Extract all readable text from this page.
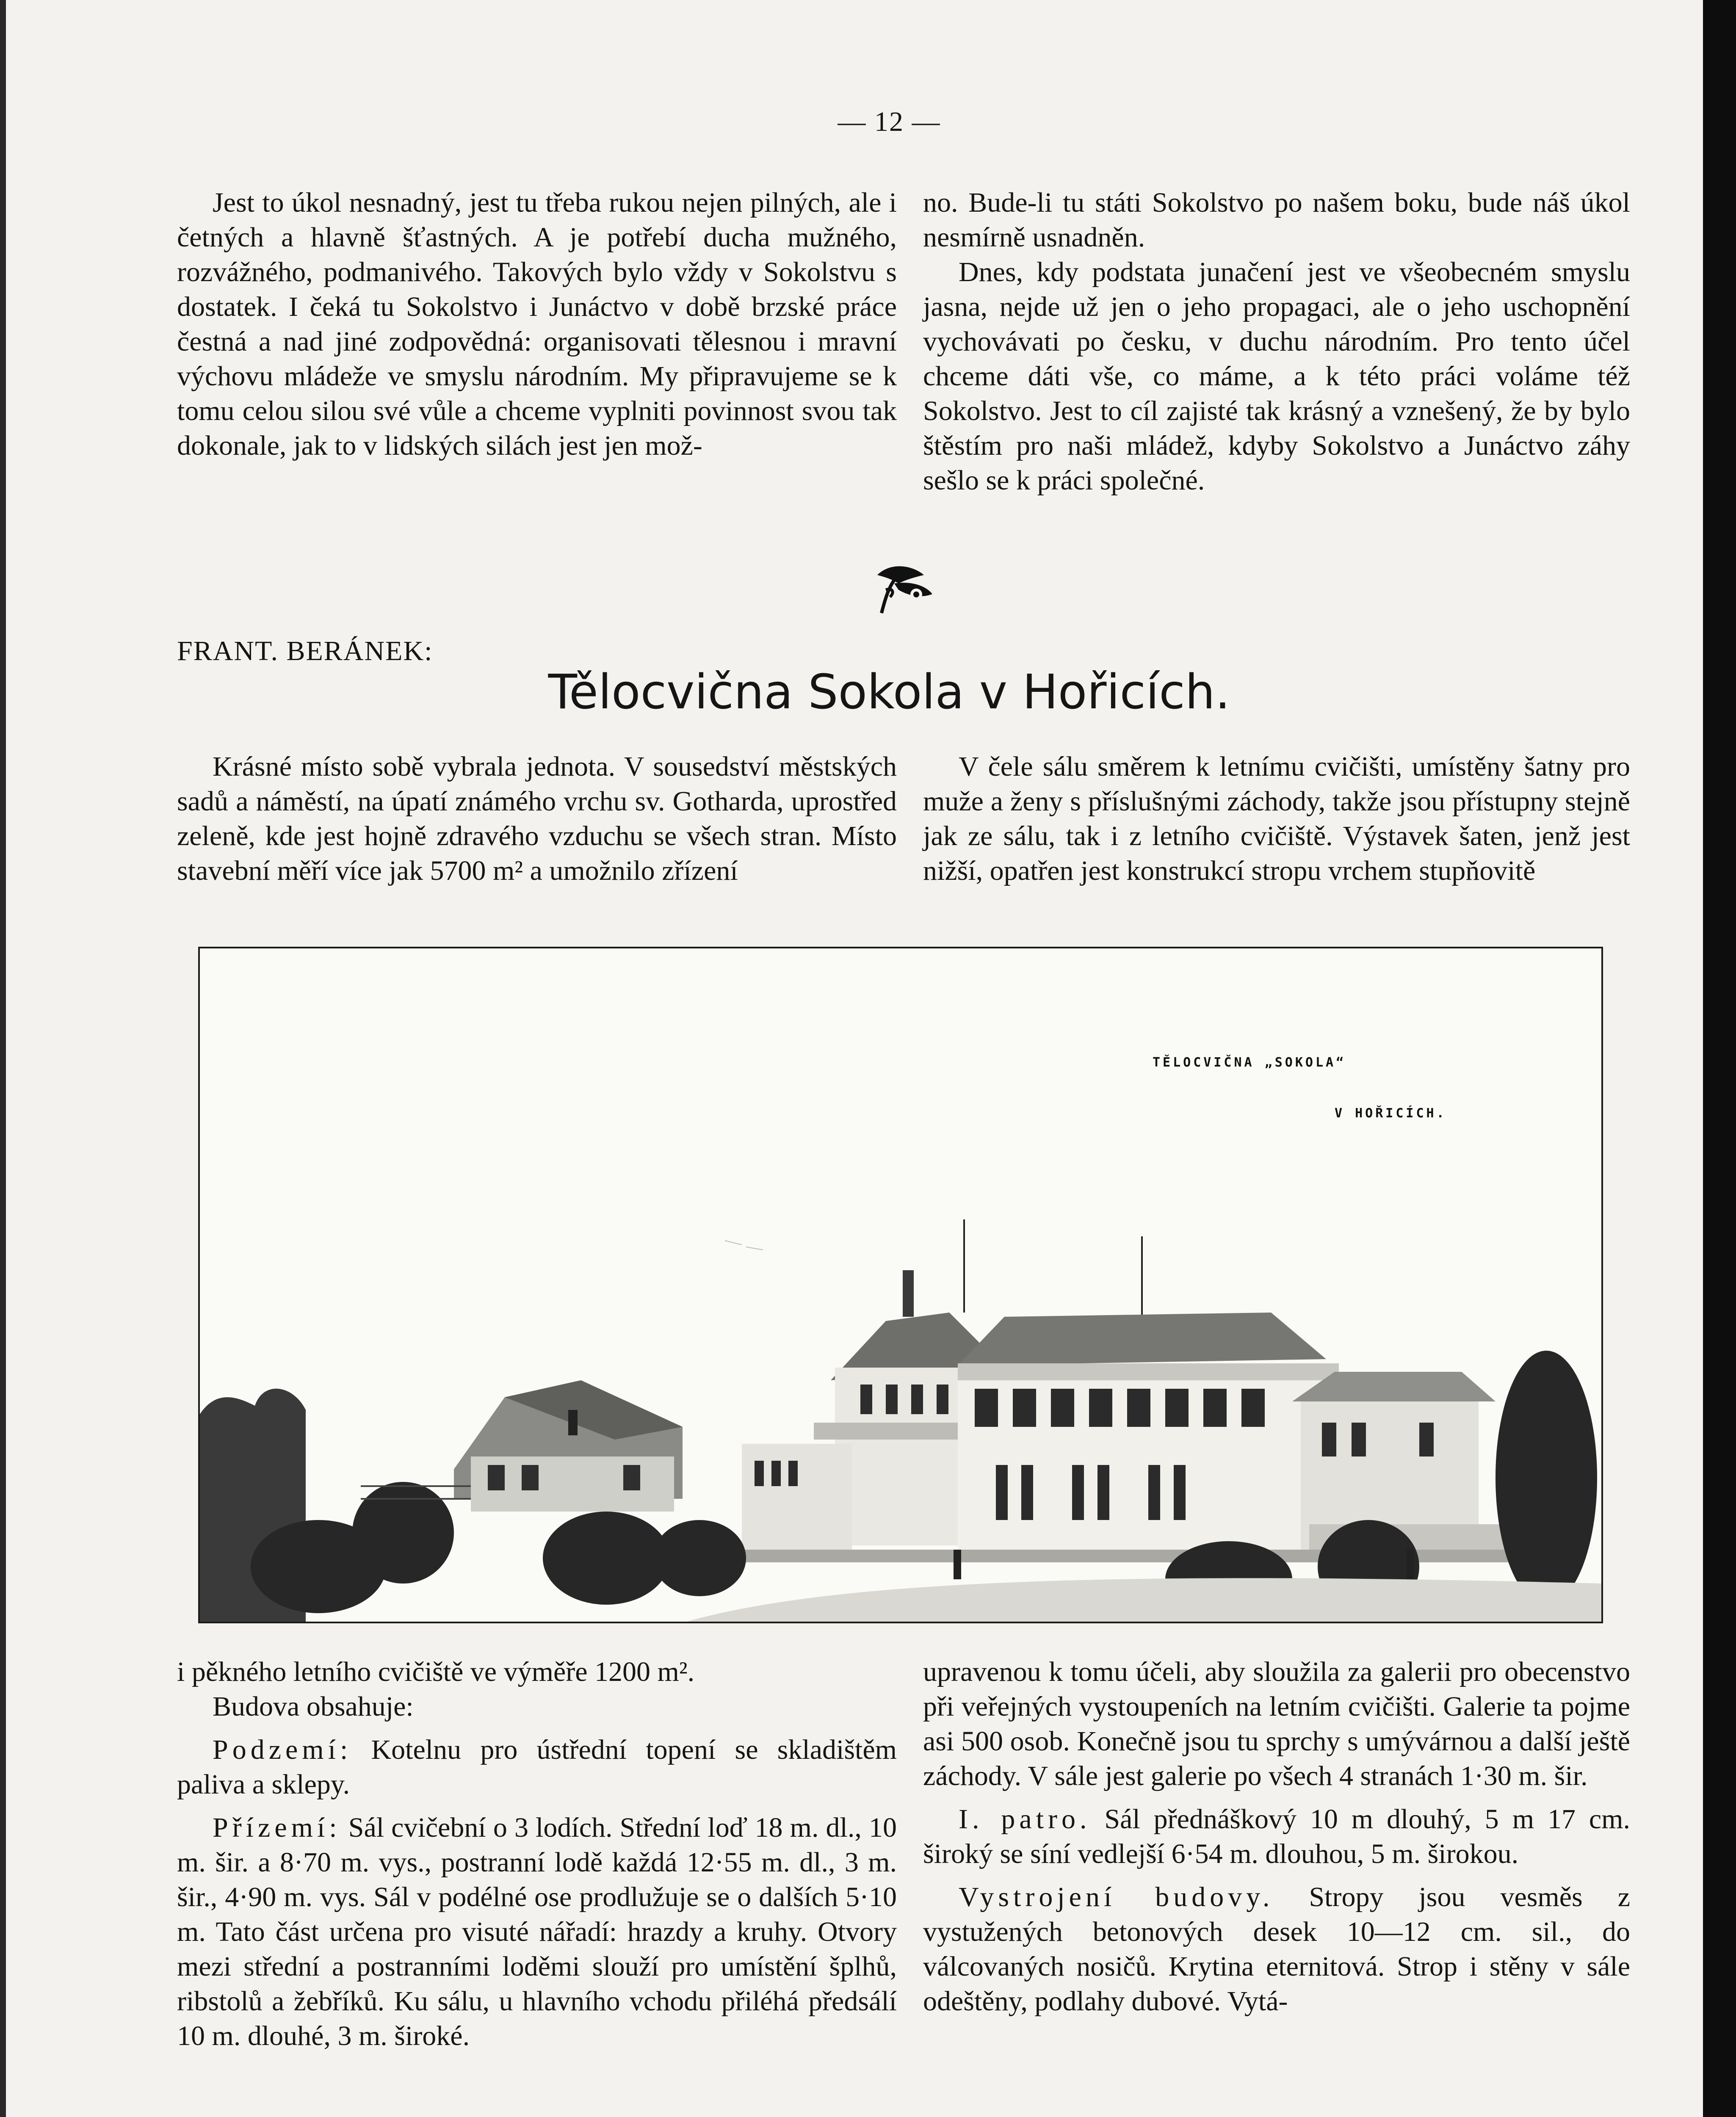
— 12 —

Jest to úkol nesnadný, jest tu třeba rukou nejen pilných, ale i četných a hlavně šťastných. A je potřebí ducha mužného, rozvážného, podmanivého. Takových bylo vždy v Sokolstvu s dostatek. I čeká tu Sokolstvo i Junáctvo v době brzské práce čestná a nad jiné zodpovědná: organisovati tělesnou i mravní výchovu mládeže ve smyslu národním. My připravujeme se k tomu celou silou své vůle a chceme vyplniti povinnost svou tak dokonale, jak to v lidských silách jest jen mož-

no. Bude-li tu státi Sokolstvo po našem boku, bude náš úkol nesmírně usnadněn.

Dnes, kdy podstata junačení jest ve všeobecném smyslu jasna, nejde už jen o jeho propagaci, ale o jeho uschopnění vychovávati po česku, v duchu národním. Pro tento účel chceme dáti vše, co máme, a k této práci voláme též Sokolstvo. Jest to cíl zajisté tak krásný a vznešený, že by bylo štěstím pro naši mládež, kdyby Sokolstvo a Junáctvo záhy sešlo se k práci společné.

FRANT. BERÁNEK:
Tělocvična Sokola v Hořicích.

Krásné místo sobě vybrala jednota. V sousedství městských sadů a náměstí, na úpatí známého vrchu sv. Gotharda, uprostřed zeleně, kde jest hojně zdravého vzduchu se všech stran. Místo stavební měří více jak 5700 m² a umožnilo zřízení

V čele sálu směrem k letnímu cvičišti, umístěny šatny pro muže a ženy s příslušnými záchody, takže jsou přístupny stejně jak ze sálu, tak i z letního cvičiště. Výstavek šaten, jenž jest nižší, opatřen jest konstrukcí stropu vrchem stupňovitě

TĚLOCVIČNA „SOKOLA“
V HOŘICÍCH.

i pěkného letního cvičiště ve výměře 1200 m².

Budova obsahuje:

Podzemí: Kotelnu pro ústřední topení se skladištěm paliva a sklepy.

Přízemí: Sál cvičební o 3 lodích. Střední loď 18 m. dl., 10 m. šir. a 8·70 m. vys., postranní lodě každá 12·55 m. dl., 3 m. šir., 4·90 m. vys. Sál v podélné ose prodlužuje se o dalších 5·10 m. Tato část určena pro visuté nářadí: hrazdy a kruhy. Otvory mezi střední a postranními loděmi slouží pro umístění šplhů, ribstolů a žebříků. Ku sálu, u hlavního vchodu přiléhá předsálí 10 m. dlouhé, 3 m. široké.

upravenou k tomu účeli, aby sloužila za galerii pro obecenstvo při veřejných vystoupeních na letním cvičišti. Galerie ta pojme asi 500 osob. Konečně jsou tu sprchy s umývárnou a další ještě záchody. V sále jest galerie po všech 4 stranách 1·30 m. šir.

I. patro. Sál přednáškový 10 m dlouhý, 5 m 17 cm. široký se síní vedlejší 6·54 m. dlouhou, 5 m. širokou.

Vystrojení budovy. Stropy jsou vesměs z vystužených betonových desek 10—12 cm. sil., do válcovaných nosičů. Krytina eternitová. Strop i stěny v sále odeštěny, podlahy dubové. Vytá-
